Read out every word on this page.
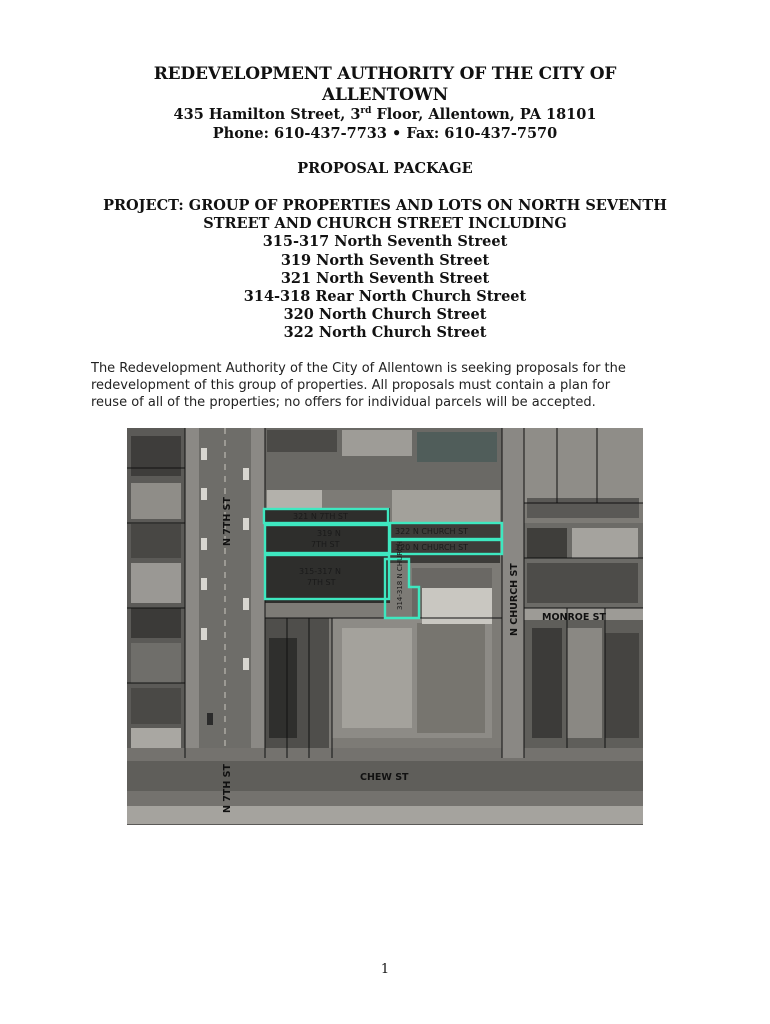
REDEVELOPMENT AUTHORITY OF THE CITY OF
ALLENTOWN
435 Hamilton Street, 3rd Floor, Allentown, PA 18101
Phone: 610-437-7733 • Fax: 610-437-7570
PROPOSAL PACKAGE
PROJECT: GROUP OF PROPERTIES AND LOTS ON NORTH SEVENTH
STREET AND CHURCH STREET INCLUDING
315-317 North Seventh Street
319 North Seventh Street
321 North Seventh Street
314-318 Rear North Church Street
320 North Church Street
322 North Church Street
The Redevelopment Authority of the City of Allentown is seeking proposals for the
redevelopment of this group of properties. All proposals must contain a plan for
reuse of all of the properties; no offers for individual parcels will be accepted.
321 N 7TH ST
319 N
7TH ST
315-317 N
7TH ST
322 N CHURCH ST
320 N CHURCH ST
314-318 N CHURCH
N 7TH ST
N 7TH ST
N CHURCH ST MONROE ST
CHEW ST
1
